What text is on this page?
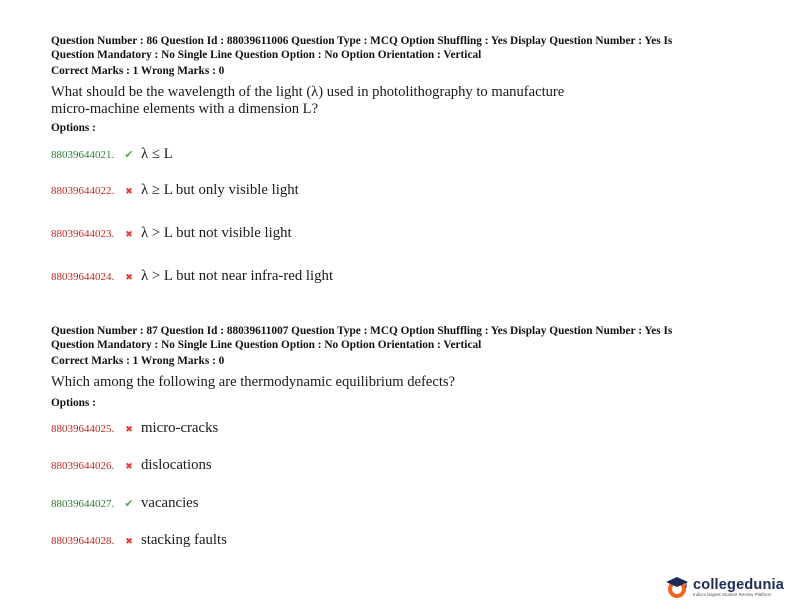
Question Number : 86 Question Id : 88039611006 Question Type : MCQ Option Shuffling : Yes Display Question Number : Yes Is
Question Mandatory : No Single Line Question Option : No Option Orientation : Vertical
Correct Marks : 1 Wrong Marks : 0
What should be the wavelength of the light (λ) used in photolithography to manufacture
micro-machine elements with a dimension L?
Options :
88039644021. ✔ λ ≤ L
88039644022.	✖ λ ≥ L but only visible light
88039644023.	✖ λ > L but not visible light
88039644024.	✖ λ > L but not near infra-red light
Question Number : 87 Question Id : 88039611007 Question Type : MCQ Option Shuffling : Yes Display Question Number : Yes Is
Question Mandatory : No Single Line Question Option : No Option Orientation : Vertical
Correct Marks : 1 Wrong Marks : 0
Which among the following are thermodynamic equilibrium defects?
Options :
88039644025.	✖ micro-cracks
88039644026.	✖ dislocations
88039644027. ✔ vacancies
88039644028.	✖ stacking faults
collegedunia
India's largest Student Review Platform
